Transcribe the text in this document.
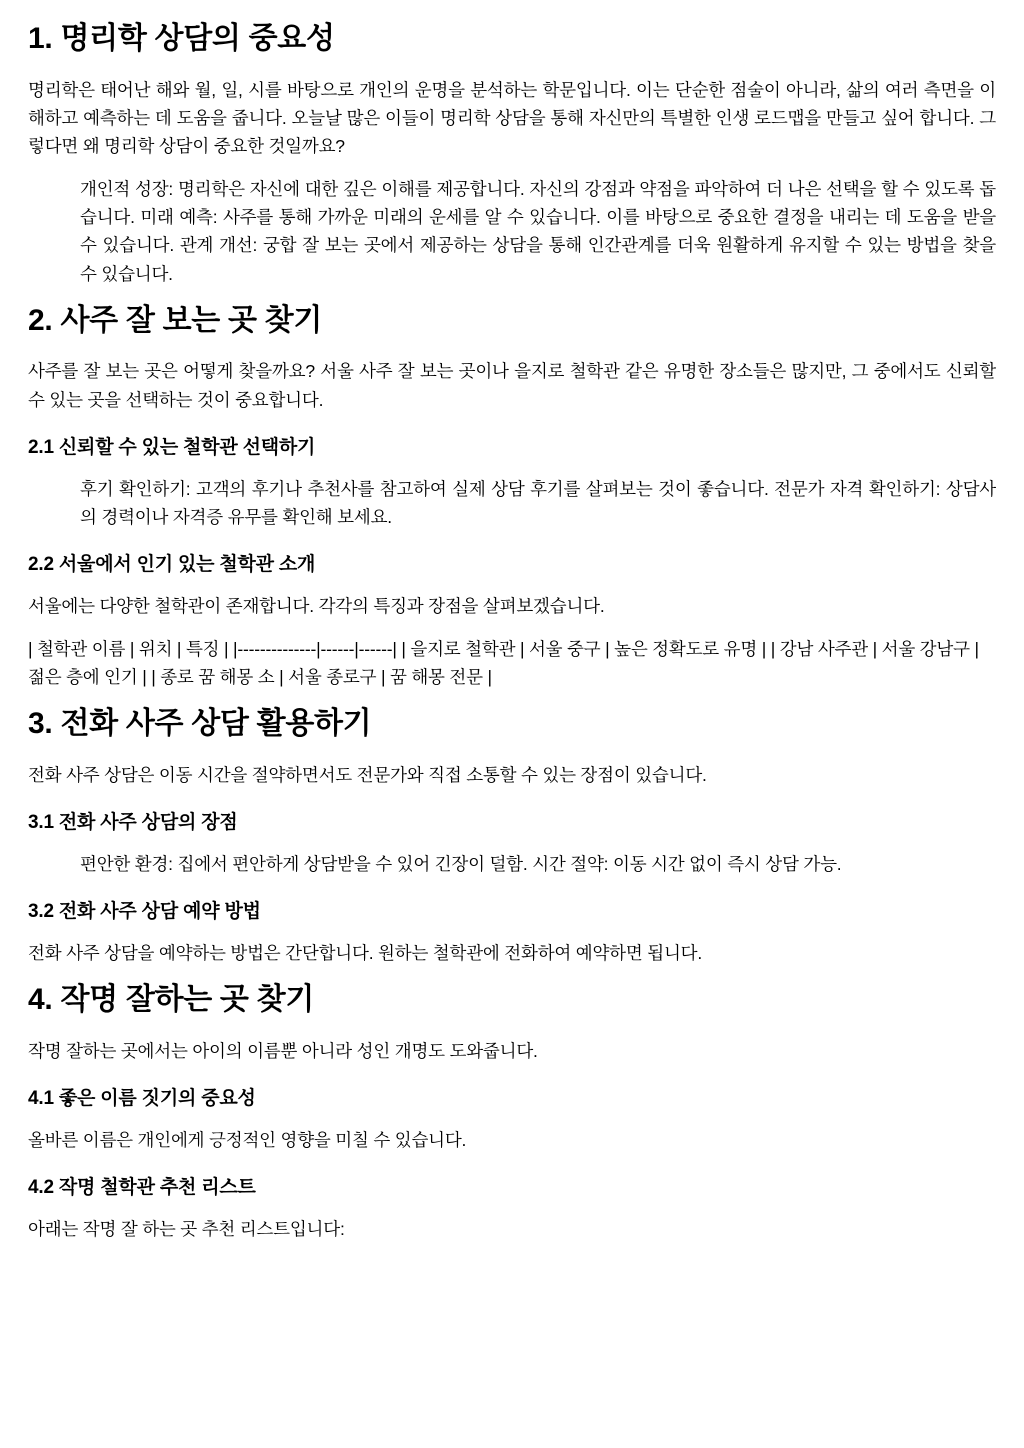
1. 명리학 상담의 중요성

명리학은 태어난 해와 월, 일, 시를 바탕으로 개인의 운명을 분석하는 학문입니다. 이는 단순한 점술이 아니라, 삶의 여러 측면을 이해하고 예측하는 데 도움을 줍니다. 오늘날 많은 이들이 명리학 상담을 통해 자신만의 특별한 인생 로드맵을 만들고 싶어 합니다. 그렇다면 왜 명리학 상담이 중요한 것일까요?

개인적 성장: 명리학은 자신에 대한 깊은 이해를 제공합니다. 자신의 강점과 약점을 파악하여 더 나은 선택을 할 수 있도록 돕습니다. 미래 예측: 사주를 통해 가까운 미래의 운세를 알 수 있습니다. 이를 바탕으로 중요한 결정을 내리는 데 도움을 받을 수 있습니다. 관계 개선: 궁합 잘 보는 곳에서 제공하는 상담을 통해 인간관계를 더욱 원활하게 유지할 수 있는 방법을 찾을 수 있습니다.

2. 사주 잘 보는 곳 찾기

사주를 잘 보는 곳은 어떻게 찾을까요? 서울 사주 잘 보는 곳이나 을지로 철학관 같은 유명한 장소들은 많지만, 그 중에서도 신뢰할 수 있는 곳을 선택하는 것이 중요합니다.

2.1 신뢰할 수 있는 철학관 선택하기

후기 확인하기: 고객의 후기나 추천사를 참고하여 실제 상담 후기를 살펴보는 것이 좋습니다. 전문가 자격 확인하기: 상담사의 경력이나 자격증 유무를 확인해 보세요.

2.2 서울에서 인기 있는 철학관 소개

서울에는 다양한 철학관이 존재합니다. 각각의 특징과 장점을 살펴보겠습니다.

| 철학관 이름 | 위치 | 특징 | |--------------|------|------| | 을지로 철학관 | 서울 중구 | 높은 정확도로 유명 | | 강남 사주관 | 서울 강남구 | 젊은 층에 인기 | | 종로 꿈 해몽 소 | 서울 종로구 | 꿈 해몽 전문 |

3. 전화 사주 상담 활용하기

전화 사주 상담은 이동 시간을 절약하면서도 전문가와 직접 소통할 수 있는 장점이 있습니다.

3.1 전화 사주 상담의 장점

편안한 환경: 집에서 편안하게 상담받을 수 있어 긴장이 덜함. 시간 절약: 이동 시간 없이 즉시 상담 가능.

3.2 전화 사주 상담 예약 방법

전화 사주 상담을 예약하는 방법은 간단합니다. 원하는 철학관에 전화하여 예약하면 됩니다.

4. 작명 잘하는 곳 찾기

작명 잘하는 곳에서는 아이의 이름뿐 아니라 성인 개명도 도와줍니다.

4.1 좋은 이름 짓기의 중요성

올바른 이름은 개인에게 긍정적인 영향을 미칠 수 있습니다.

4.2 작명 철학관 추천 리스트

아래는 작명 잘 하는 곳 추천 리스트입니다:
